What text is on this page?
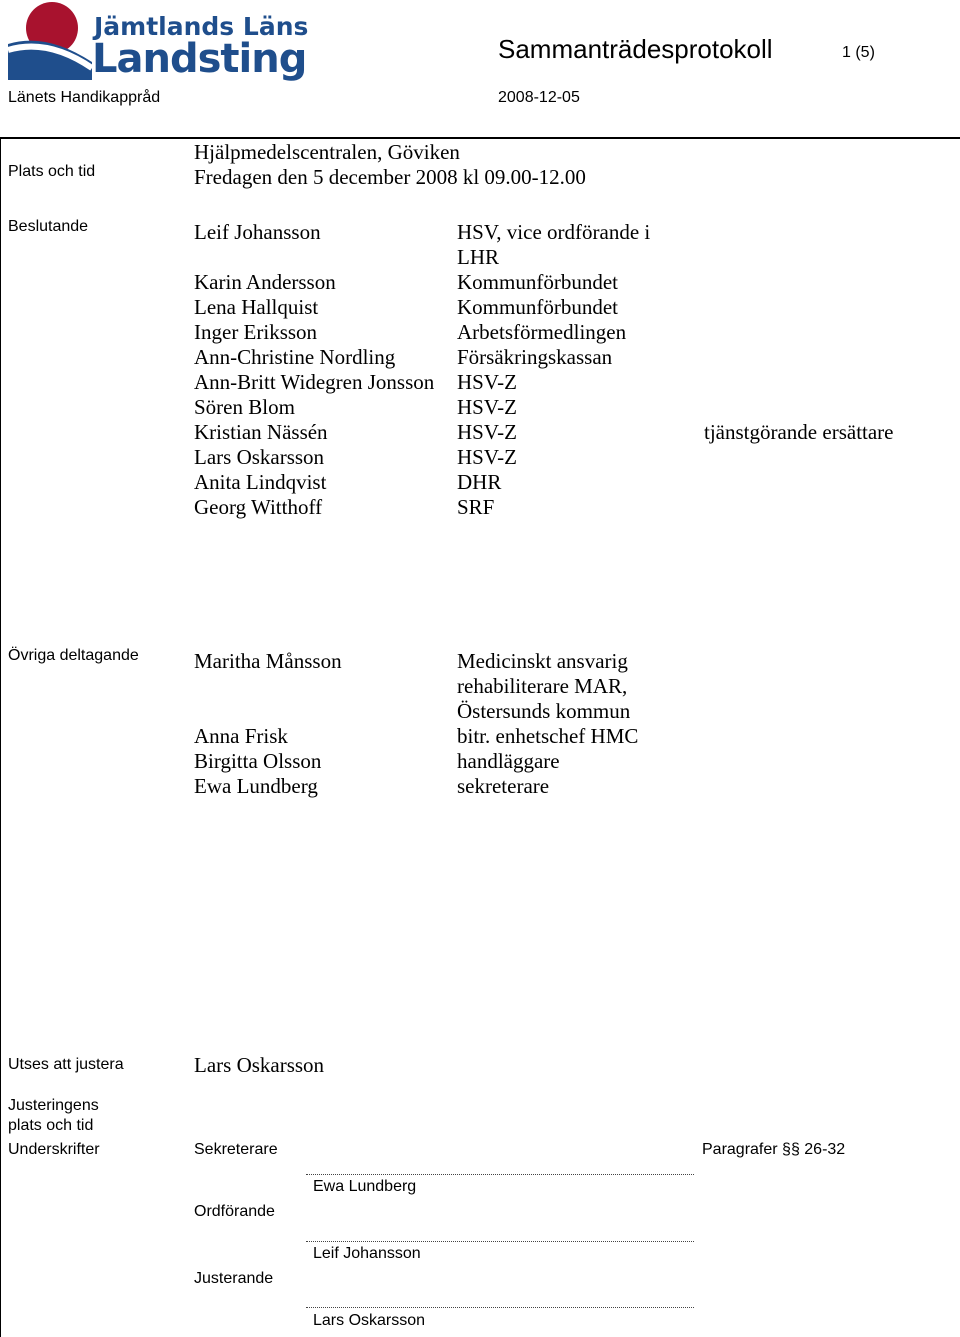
Jämtlands Läns
Landsting	Sammanträdesprotokoll	1 (5)
Länets Handikappråd	2008-12-05
Plats och tid
Hjälpmedelscentralen, Göviken
Fredagen den 5 december 2008 kl 09.00-12.00
Beslutande	Leif Johansson	HSV, vice ordförande i
LHR
Karin Andersson	Kommunförbundet
Lena Hallquist	Kommunförbundet
Inger Eriksson	Arbetsförmedlingen
Ann-Christine Nordling	Försäkringskassan
Ann-Britt Widegren Jonsson HSV-Z
Sören Blom	HSV-Z
Kristian Nässén	HSV-Z	tjänstgörande ersättare
Lars Oskarsson	HSV-Z
Anita Lindqvist	DHR
Georg Witthoff	SRF
Övriga deltagande	Maritha Månsson	Medicinskt ansvarig
rehabiliterare MAR,
Östersunds kommun
Anna Frisk	bitr. enhetschef HMC
Birgitta Olsson	handläggare
Ewa Lundberg	sekreterare
Utses att justera	Lars Oskarsson
Justeringens
plats och tid
Underskrifter	Sekreterare	Paragrafer §§ 26-32
Ewa Lundberg
Ordförande
Leif Johansson
Justerande
Lars Oskarsson
